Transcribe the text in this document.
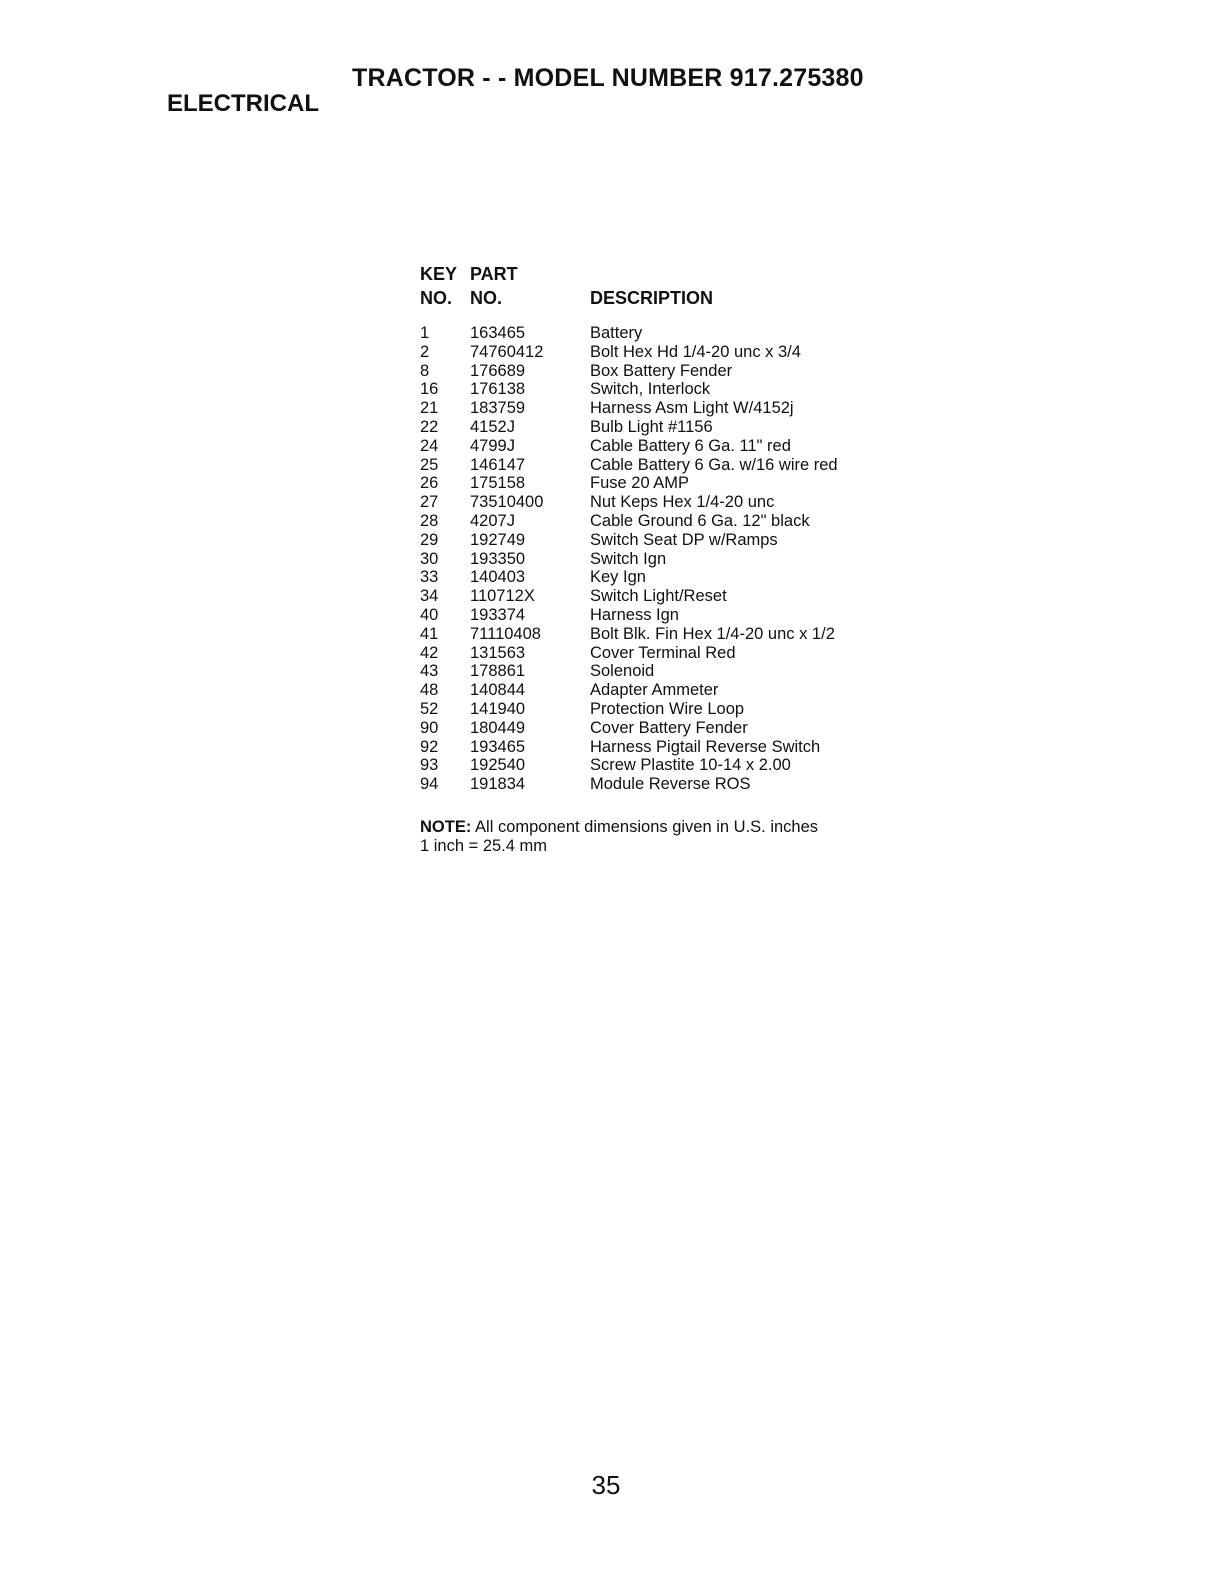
TRACTOR - - MODEL NUMBER 917.275380
ELECTRICAL
KEY PART
NO. NO.	DESCRIPTION
1 163465	Battery
2 74760412	Bolt Hex Hd 1/4-20 unc x 3/4
8 176689	Box Battery Fender
16 176138	Switch, Interlock
21 183759	Harness Asm Light W/4152j
22 4152J	Bulb Light #1156
24 4799J	Cable Battery 6 Ga. 11" red
25 146147	Cable Battery 6 Ga. w/16 wire red
26 175158	Fuse 20 AMP
27 73510400	Nut Keps Hex 1/4-20 unc
28 4207J	Cable Ground 6 Ga. 12" black
29 192749	Switch Seat DP w/Ramps
30 193350	Switch Ign
33 140403	Key Ign
34 110712X	Switch Light/Reset
40 193374	Harness Ign
41 71110408	Bolt Blk. Fin Hex 1/4-20 unc x 1/2
42 131563	Cover Terminal Red
43 178861	Solenoid
48 140844	Adapter Ammeter
52 141940	Protection Wire Loop
90 180449	Cover Battery Fender
92 193465	Harness Pigtail Reverse Switch
93 192540	Screw Plastite 10-14 x 2.00
94 191834	Module Reverse ROS
NOTE: All component dimensions given in U.S. inches
1 inch = 25.4 mm
35
